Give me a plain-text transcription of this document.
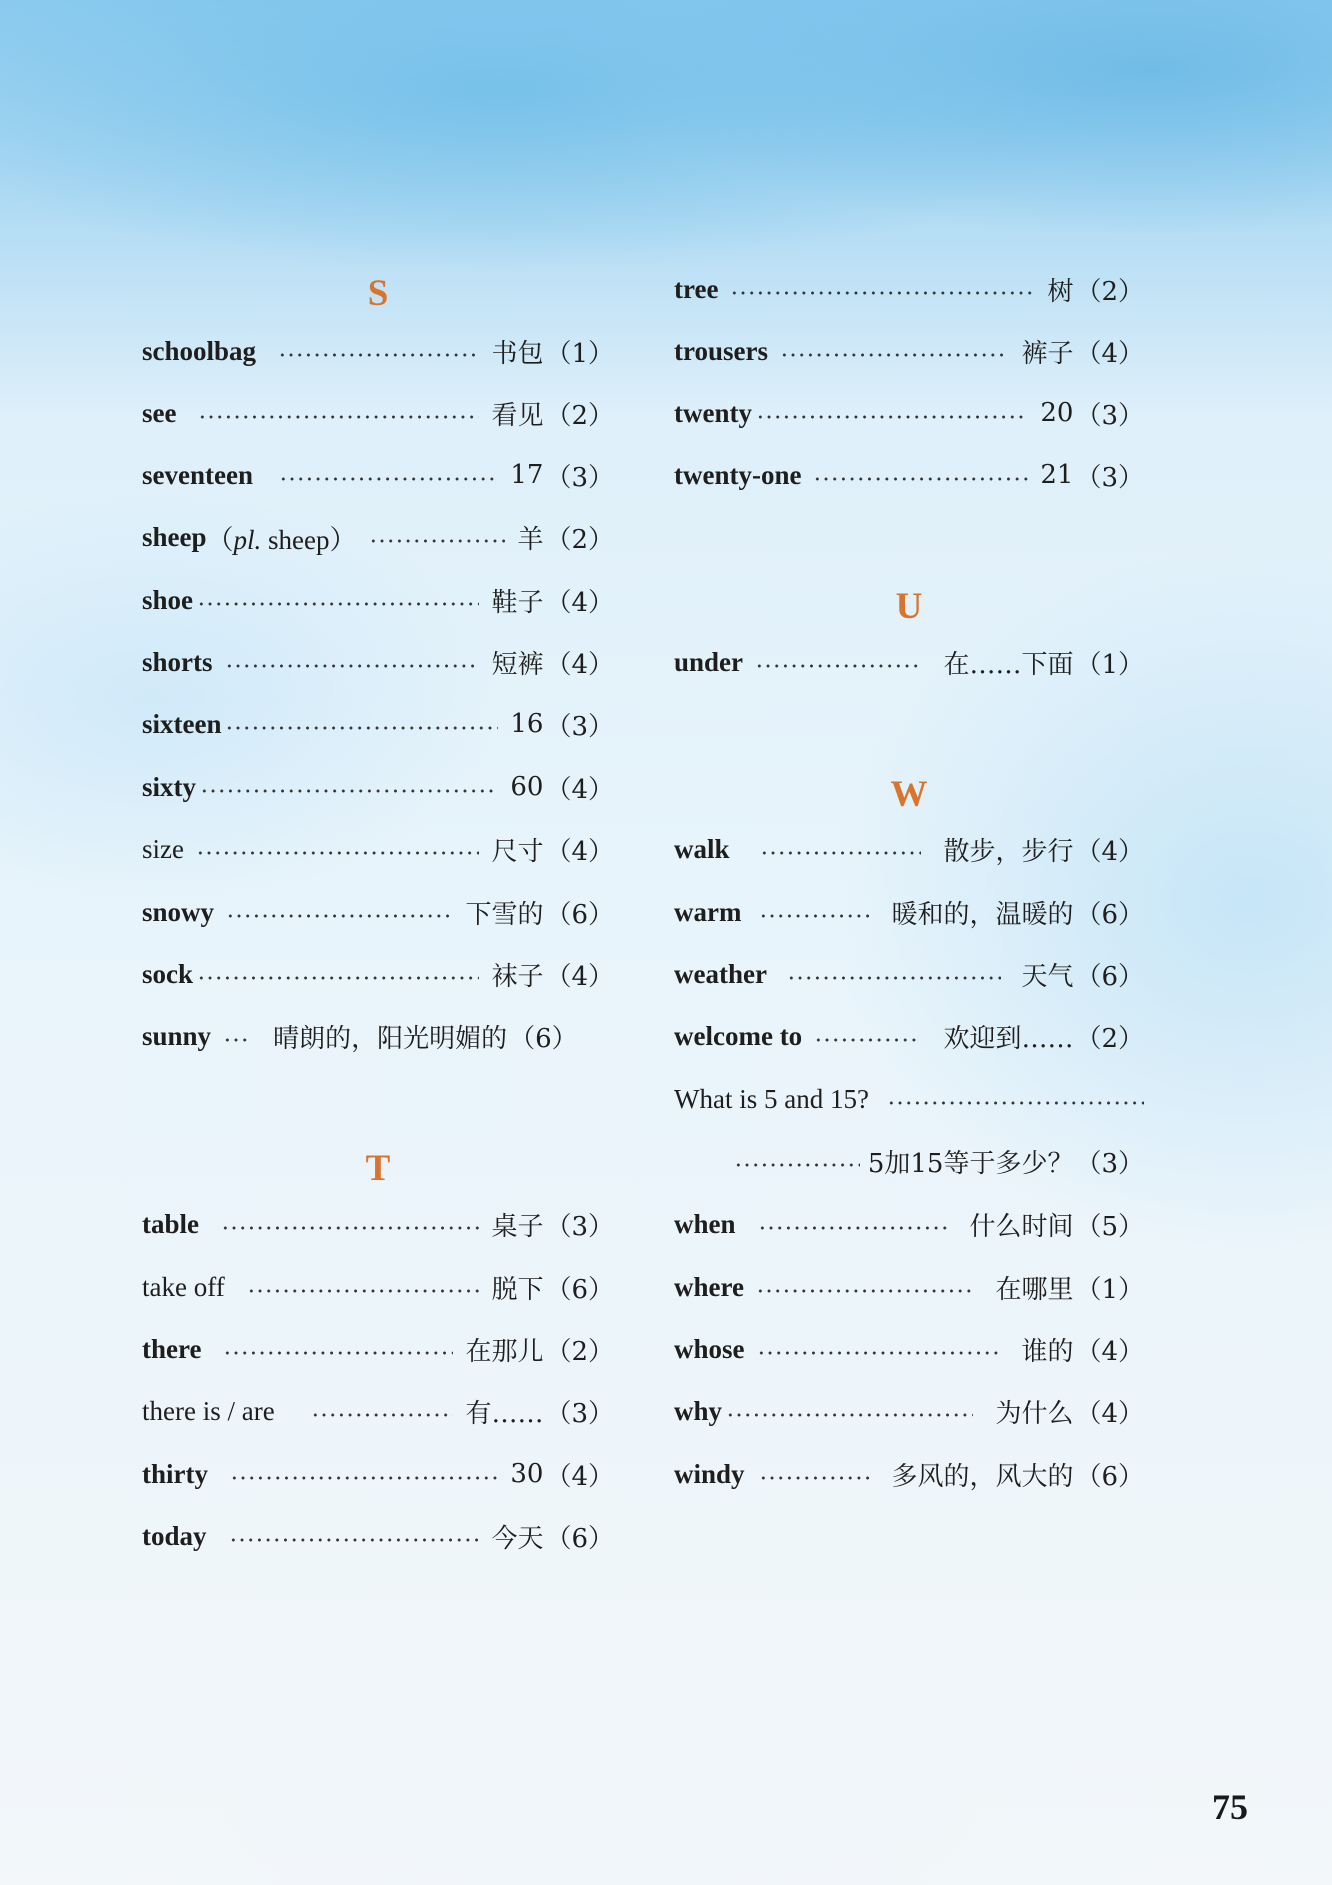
S
schoolbag	书包 （1）
see	看见 （2）
seventeen	17 （3）
sheep （pl. sheep）	羊 （2）
shoe	鞋子 （4）
shorts	短裤 （4）
sixteen	16 （3）
sixty	60 （4）
size	尺寸 （4）
snowy	下雪的 （6）
sock	袜子 （4）
sunny 晴朗的，阳光明媚的 （6）
T
table	桌子 （3）
take off	脱下 （6）
there	在那儿 （2）
there is / are	有…… （3）
thirty	30 （4）
today	今天 （6）
tree	树 （2）
trousers	裤子 （4）
twenty	20 （3）
twenty-one	21 （3）
U
under	在……下面 （1）
W
walk	散步，步行 （4）
warm	暖和的，温暖的 （6）
weather	天气 （6）
welcome to	欢迎到…… （2）
What is 5 and 15?
5加15等于多少？ （3）
when	什么时间 （5）
where	在哪里 （1）
whose	谁的 （4）
why	为什么 （4）
windy	多风的，风大的 （6）
75
